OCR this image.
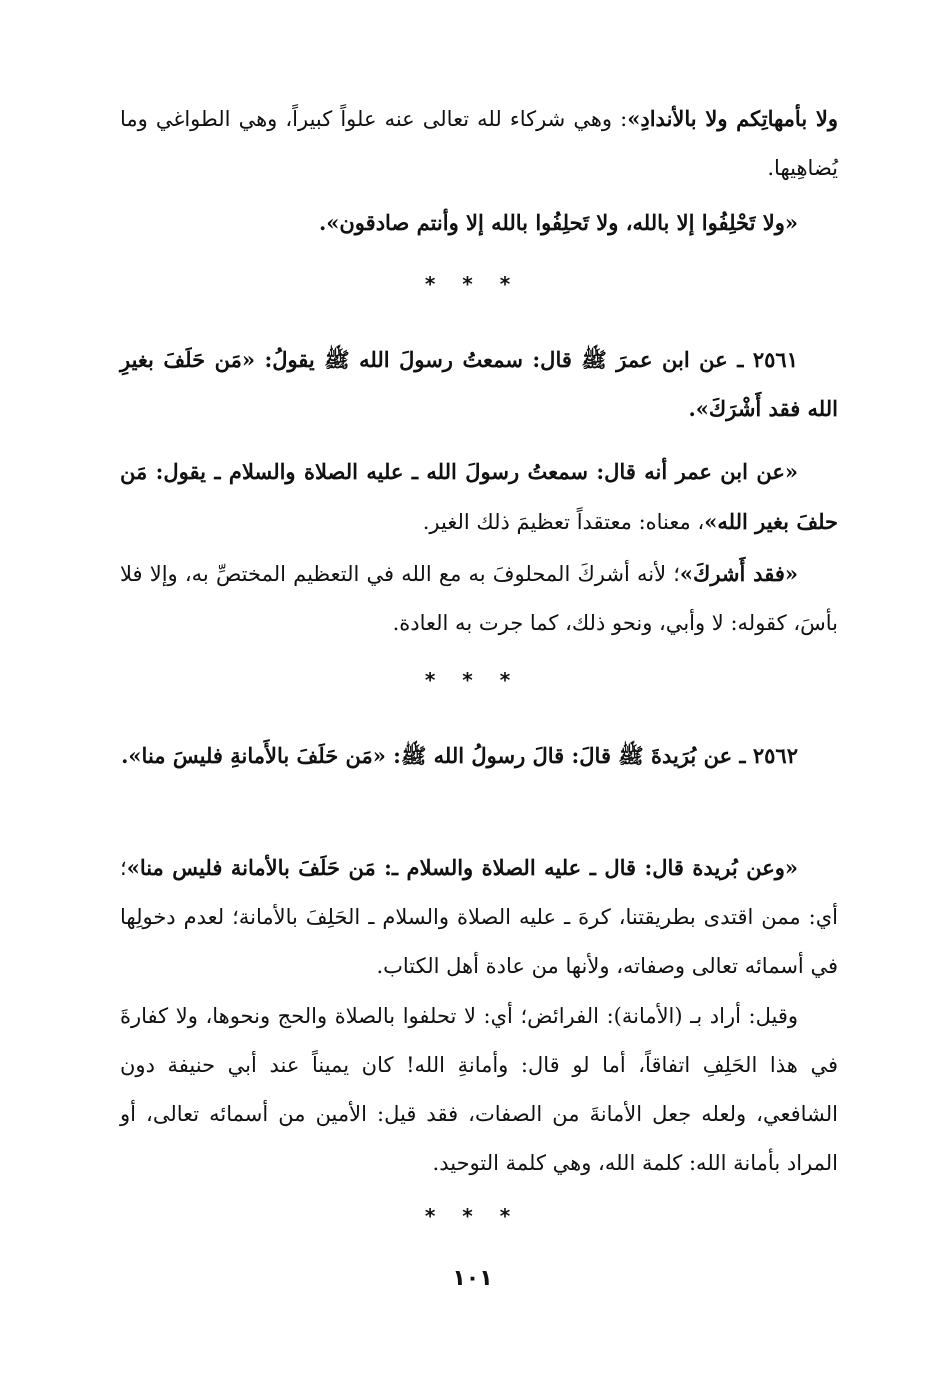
ولا بأمهاتِكم ولا بالأندادِ»: وهي شركاء لله تعالى عنه علواً كبيراً، وهي الطواغي وما يُضاهِيها.
«ولا تَحْلِفُوا إلا بالله، ولا تَحلِفُوا بالله إلا وأنتم صادقون».
* * *
٢٥٦١ ـ عن ابن عمرَ ﷺ قال: سمعتُ رسولَ الله ﷺ يقولُ: «مَن حَلَفَ بغيرِ الله فقد أَشْرَكَ».
«عن ابن عمر أنه قال: سمعتُ رسولَ الله ـ عليه الصلاة والسلام ـ يقول: مَن حلفَ بغير الله»، معناه: معتقداً تعظيمَ ذلك الغير.
«فقد أَشركَ»؛ لأنه أشركَ المحلوفَ به مع الله في التعظيم المختصِّ به، وإلا فلا بأسَ، كقوله: لا وأبي، ونحو ذلك، كما جرت به العادة.
* * *
٢٥٦٢ ـ عن بُرَيدةَ ﷺ قالَ: قالَ رسولُ الله ﷺ: «مَن حَلَفَ بالأَمانةِ فليسَ منا».
«وعن بُريدة قال: قال ـ عليه الصلاة والسلام ـ: مَن حَلَفَ بالأمانة فليس منا»؛ أي: ممن اقتدى بطريقتنا، كرهَ ـ عليه الصلاة والسلام ـ الحَلِفَ بالأمانة؛ لعدم دخولِها في أسمائه تعالى وصفاته، ولأنها من عادة أهل الكتاب.
وقيل: أراد بـ (الأمانة): الفرائض؛ أي: لا تحلفوا بالصلاة والحج ونحوها، ولا كفارةَ في هذا الحَلِفِ اتفاقاً، أما لو قال: وأمانةِ الله! كان يميناً عند أبي حنيفة دون الشافعي، ولعله جعل الأمانةَ من الصفات، فقد قيل: الأمين من أسمائه تعالى، أو المراد بأمانة الله: كلمة الله، وهي كلمة التوحيد.
* * *
١٠١
